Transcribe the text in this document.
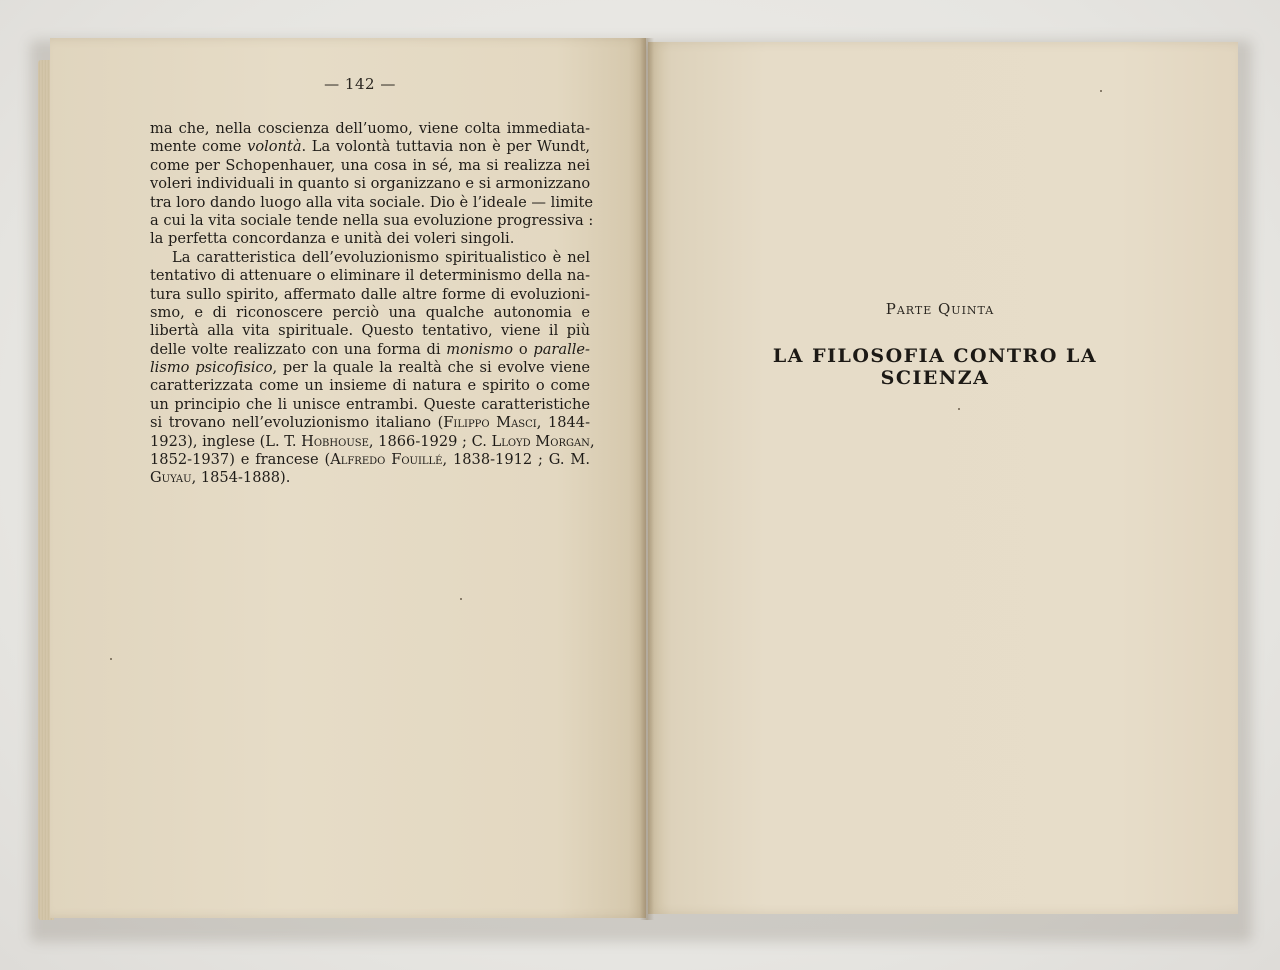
— 142 —
ma che, nella coscienza dell’uomo, viene colta immediata-
mente come volontà. La volontà tuttavia non è per Wundt,
come per Schopenhauer, una cosa in sé, ma si realizza nei
voleri individuali in quanto si organizzano e si armonizzano
tra loro dando luogo alla vita sociale. Dio è l’ideale — limite
a cui la vita sociale tende nella sua evoluzione progressiva :
la perfetta concordanza e unità dei voleri singoli.
La caratteristica dell’evoluzionismo spiritualistico è nel
tentativo di attenuare o eliminare il determinismo della na-
tura sullo spirito, affermato dalle altre forme di evoluzioni-
smo, e di riconoscere perciò una qualche autonomia e
libertà alla vita spirituale. Questo tentativo, viene il più
delle volte realizzato con una forma di monismo o paralle-
lismo psicofisico, per la quale la realtà che si evolve viene
caratterizzata come un insieme di natura e spirito o come
un principio che li unisce entrambi. Queste caratteristiche
si trovano nell’evoluzionismo italiano (Filippo Masci, 1844-
1923), inglese (L. T. Hobhouse, 1866-1929 ; C. Lloyd Morgan,
1852-1937) e francese (Alfredo Fouillé, 1838-1912 ; G. M.
Guyau, 1854-1888).
Parte Quinta
LA FILOSOFIA CONTRO LA SCIENZA
